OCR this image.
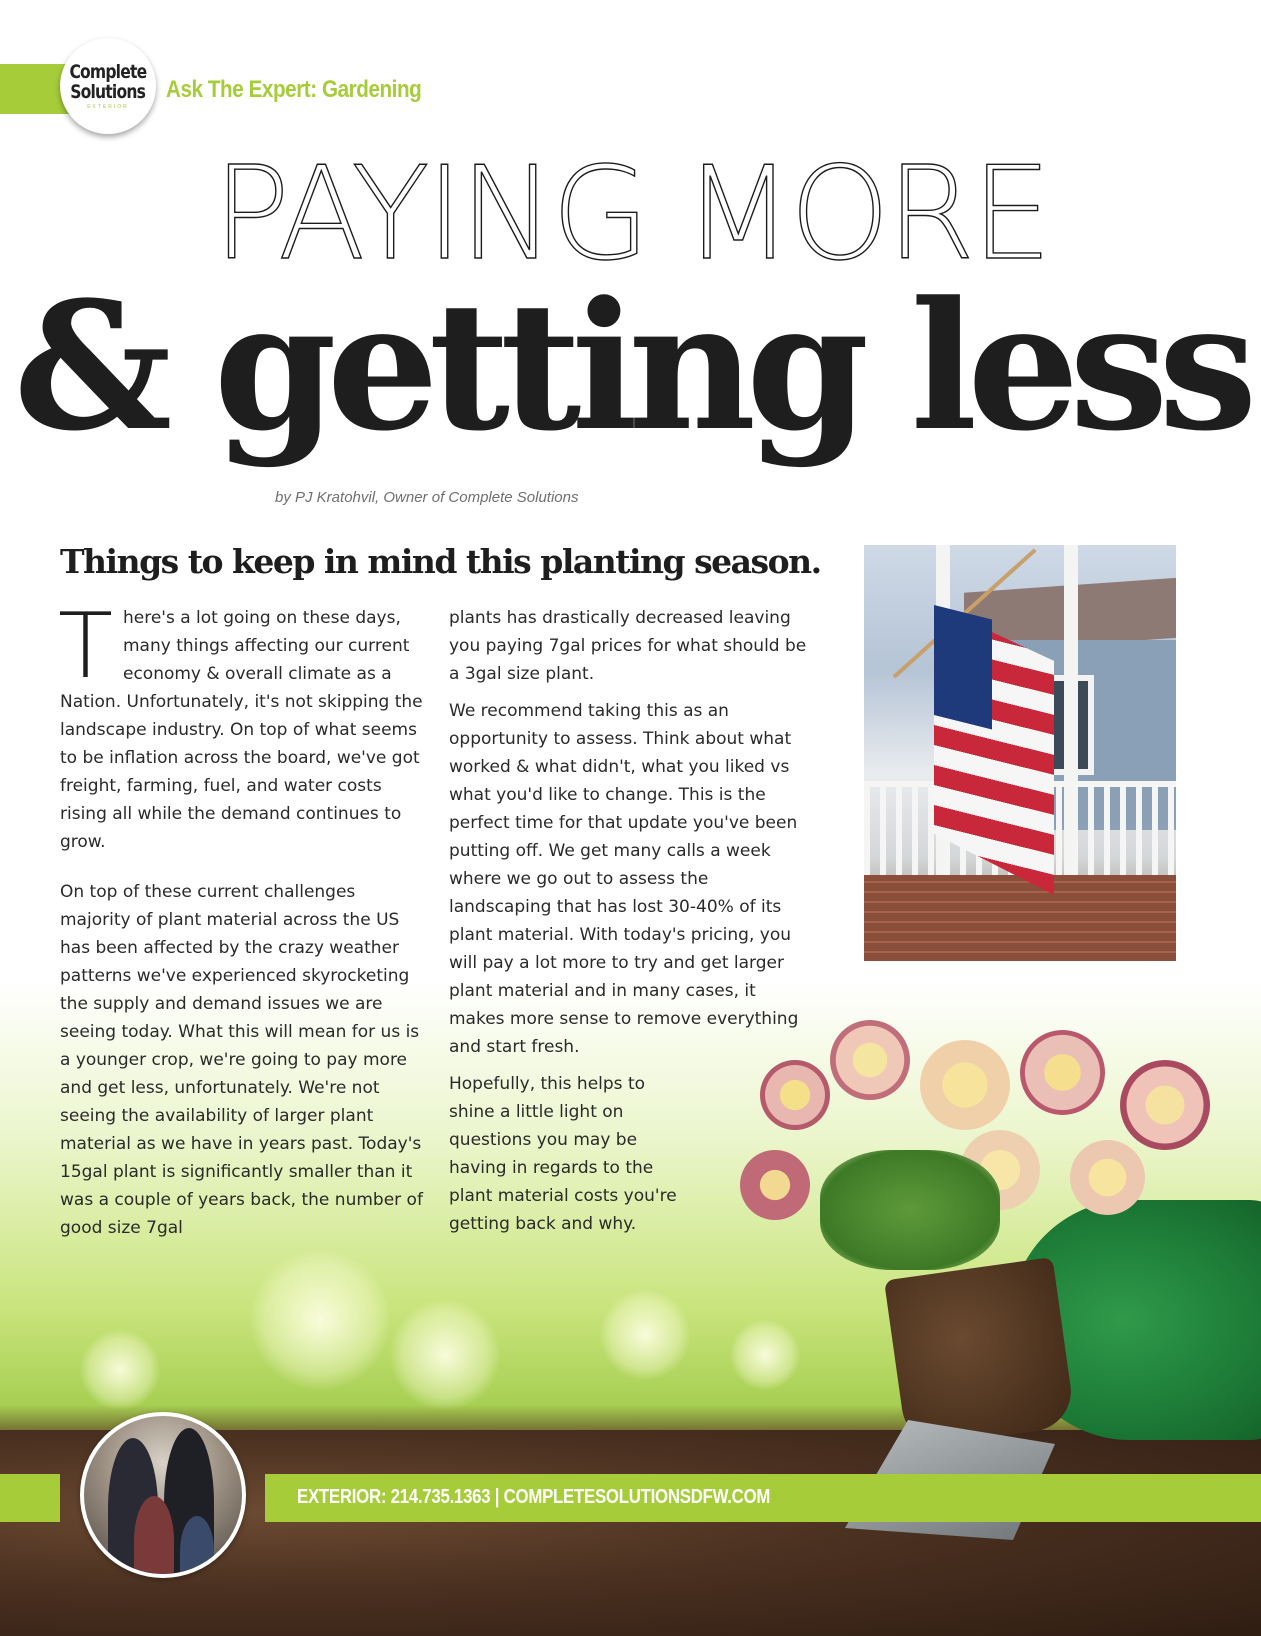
Complete
Solutions
EXTERIOR
Ask The Expert: Gardening
PAYING MORE
& getting less
by PJ Kratohvil, Owner of Complete Solutions
Things to keep in mind this planting season.

There's a lot going on these days, many things affecting our current economy & overall climate as a Nation. Unfortunately, it's not skipping the landscape industry. On top of what seems to be inflation across the board, we've got freight, farming, fuel, and water costs rising all while the demand continues to grow.

On top of these current challenges majority of plant material across the US has been affected by the crazy weather patterns we've experienced skyrocketing the supply and demand issues we are seeing today. What this will mean for us is a younger crop, we're going to pay more and get less, unfortunately. We're not seeing the availability of larger plant material as we have in years past. Today's 15gal plant is significantly smaller than it was a couple of years back, the number of good size 7gal

plants has drastically decreased leaving you paying 7gal prices for what should be a 3gal size plant.

We recommend taking this as an opportunity to assess. Think about what worked & what didn't, what you liked vs what you'd like to change. This is the perfect time for that update you've been putting off. We get many calls a week where we go out to assess the landscaping that has lost 30-40% of its plant material. With today's pricing, you will pay a lot more to try and get larger plant material and in many cases, it makes more sense to remove everything and start fresh.

Hopefully, this helps to shine a little light on questions you may be having in regards to the plant material costs you're getting back and why.

EXTERIOR: 214.735.1363 | COMPLETESOLUTIONSDFW.COM
